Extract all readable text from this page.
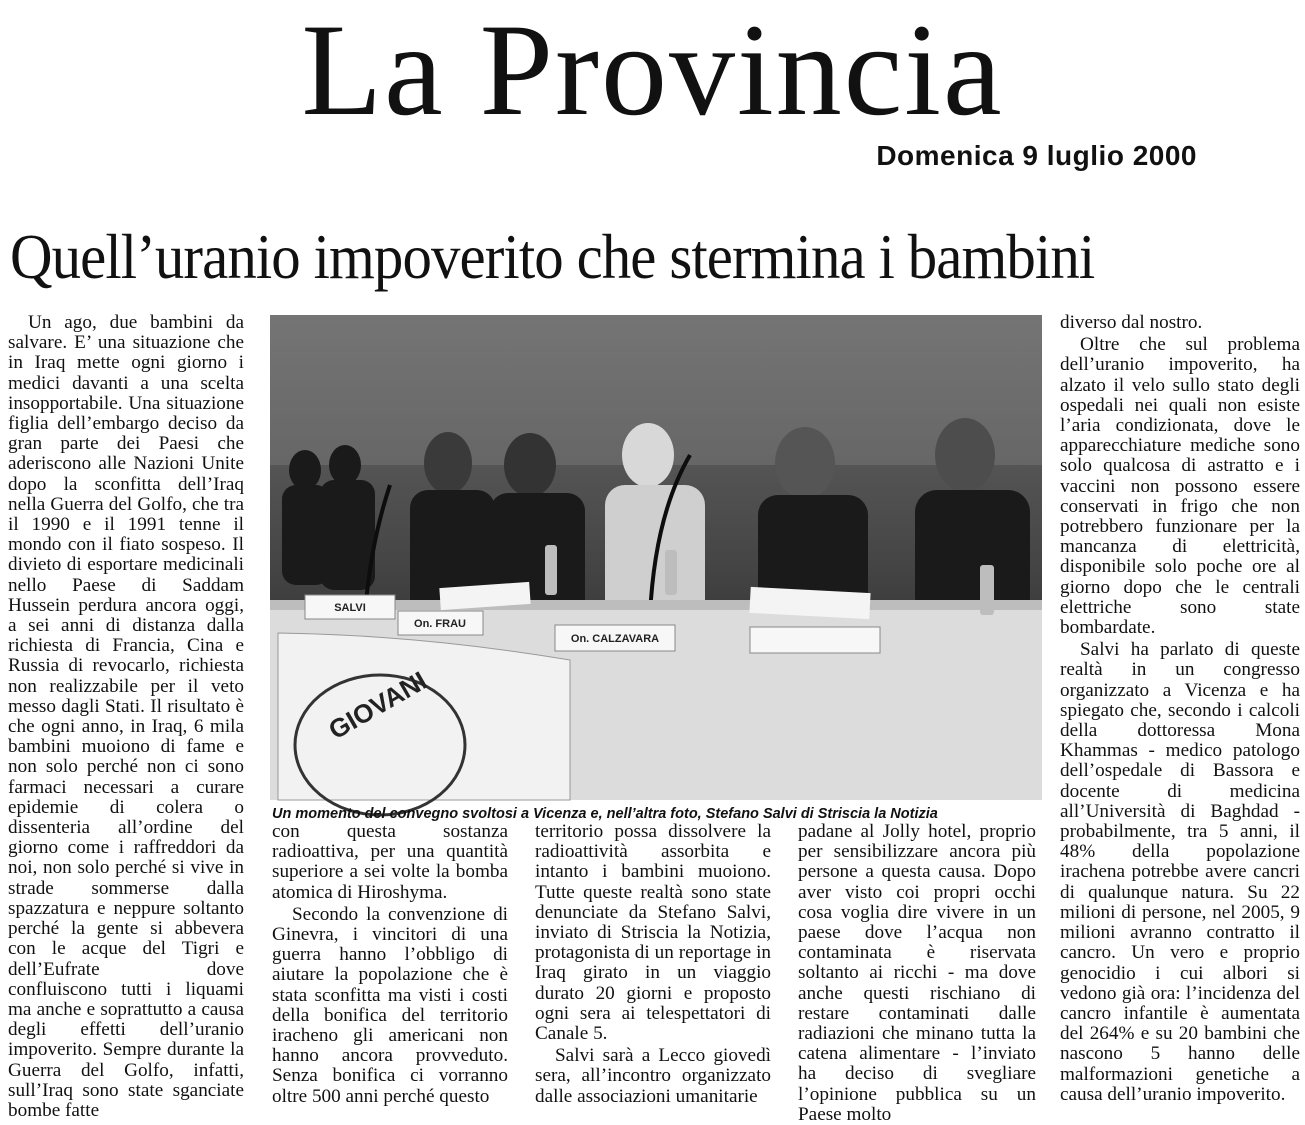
La Provincia
Domenica 9 luglio 2000
Quell’uranio impoverito che stermina i bambini

Un ago, due bambini da salvare. E’ una situazione che in Iraq mette ogni giorno i medici davanti a una scelta insopportabile. Una situazione figlia dell’embargo deciso da gran parte dei Paesi che aderiscono alle Nazioni Unite dopo la sconfitta dell’Iraq nella Guerra del Golfo, che tra il 1990 e il 1991 tenne il mondo con il fiato sospeso. Il divieto di esportare medicinali nello Paese di Saddam Hussein perdura ancora oggi, a sei anni di distanza dalla richiesta di Francia, Cina e Russia di revocarlo, richiesta non realizzabile per il veto messo dagli Stati. Il risultato è che ogni anno, in Iraq, 6 mila bambini muoiono di fame e non solo perché non ci sono farmaci necessari a curare epidemie di colera o dissenteria all’ordine del giorno come i raffreddori da noi, non solo perché si vive in strade sommerse dalla spazzatura e neppure soltanto perché la gente si abbevera con le acque del Tigri e dell’Eufrate dove confluiscono tutti i liquami ma anche e soprattutto a causa degli effetti dell’uranio impoverito. Sempre durante la Guerra del Golfo, infatti, sull’Iraq sono state sganciate bombe fatte

SALVI
On. FRAU
On. CALZAVARA
GIOVANI
Un momento del convegno svoltosi a Vicenza e, nell’altra foto, Stefano Salvi di Striscia la Notizia

con questa sostanza radioattiva, per una quantità superiore a sei volte la bomba atomica di Hiroshyma.

Secondo la convenzione di Ginevra, i vincitori di una guerra hanno l’obbligo di aiutare la popolazione che è stata sconfitta ma visti i costi della bonifica del territorio iracheno gli americani non hanno ancora provveduto. Senza bonifica ci vorranno oltre 500 anni perché questo

territorio possa dissolvere la radioattività assorbita e intanto i bambini muoiono. Tutte queste realtà sono state denunciate da Stefano Salvi, inviato di Striscia la Notizia, protagonista di un reportage in Iraq girato in un viaggio durato 20 giorni e proposto ogni sera ai telespettatori di Canale 5.

Salvi sarà a Lecco giovedì sera, all’incontro organizzato dalle associazioni umanitarie

padane al Jolly hotel, proprio per sensibilizzare ancora più persone a questa causa. Dopo aver visto coi propri occhi cosa voglia dire vivere in un paese dove l’acqua non contaminata è riservata soltanto ai ricchi - ma dove anche questi rischiano di restare contaminati dalle radiazioni che minano tutta la catena alimentare - l’inviato ha deciso di svegliare l’opinione pubblica su un Paese molto

diverso dal nostro.

Oltre che sul problema dell’uranio impoverito, ha alzato il velo sullo stato degli ospedali nei quali non esiste l’aria condizionata, dove le apparecchiature mediche sono solo qualcosa di astratto e i vaccini non possono essere conservati in frigo che non potrebbero funzionare per la mancanza di elettricità, disponibile solo poche ore al giorno dopo che le centrali elettriche sono state bombardate.

Salvi ha parlato di queste realtà in un congresso organizzato a Vicenza e ha spiegato che, secondo i calcoli della dottoressa Mona Khammas - medico patologo dell’ospedale di Bassora e docente di medicina all’Università di Baghdad - probabilmente, tra 5 anni, il 48% della popolazione irachena potrebbe avere cancri di qualunque natura. Su 22 milioni di persone, nel 2005, 9 milioni avranno contratto il cancro. Un vero e proprio genocidio i cui albori si vedono già ora: l’incidenza del cancro infantile è aumentata del 264% e su 20 bambini che nascono 5 hanno delle malformazioni genetiche a causa dell’uranio impoverito.
